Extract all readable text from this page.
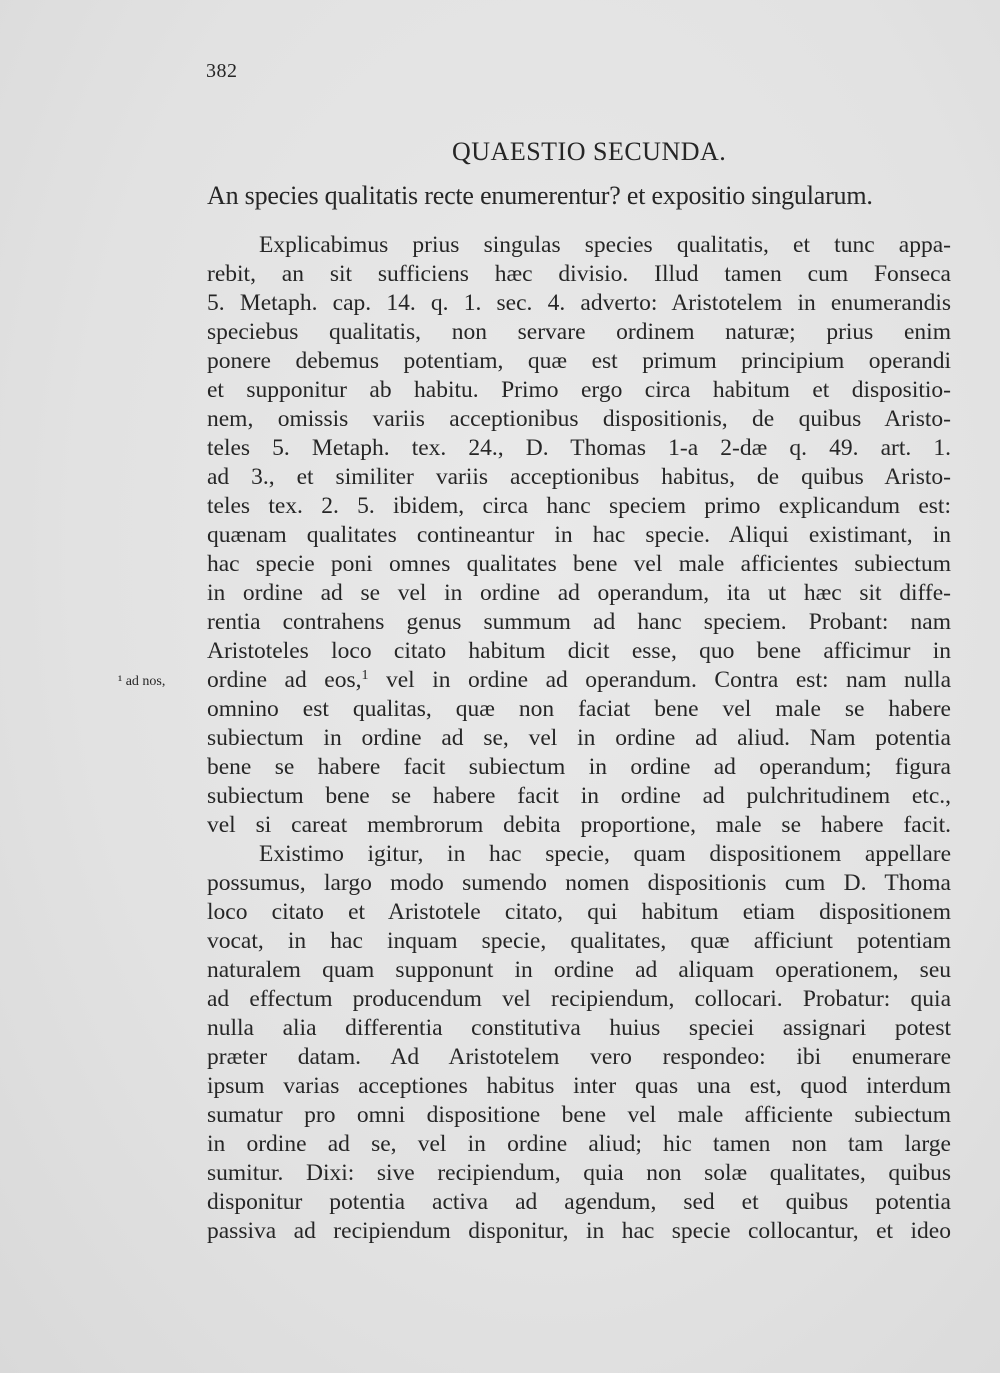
382
QUAESTIO SECUNDA.
An species qualitatis recte enumerentur? et expositio singularum.
¹ ad nos,
Explicabimus prius singulas species qualitatis, et tunc appa-
rebit, an sit sufficiens hæc divisio. Illud tamen cum Fonseca
5. Metaph. cap. 14. q. 1. sec. 4. adverto: Aristotelem in enumerandis
speciebus qualitatis, non servare ordinem naturæ; prius enim
ponere debemus potentiam, quæ est primum principium operandi
et supponitur ab habitu. Primo ergo circa habitum et dispositio-
nem, omissis variis acceptionibus dispositionis, de quibus Aristo-
teles 5. Metaph. tex. 24., D. Thomas 1-a 2-dæ q. 49. art. 1.
ad 3., et similiter variis acceptionibus habitus, de quibus Aristo-
teles tex. 2. 5. ibidem, circa hanc speciem primo explicandum est:
quænam qualitates contineantur in hac specie. Aliqui existimant, in
hac specie poni omnes qualitates bene vel male afficientes subiectum
in ordine ad se vel in ordine ad operandum, ita ut hæc sit diffe-
rentia contrahens genus summum ad hanc speciem. Probant: nam
Aristoteles loco citato habitum dicit esse, quo bene afficimur in
ordine ad eos,$^1$ vel in ordine ad operandum. Contra est: nam nulla
omnino est qualitas, quæ non faciat bene vel male se habere
subiectum in ordine ad se, vel in ordine ad aliud. Nam potentia
bene se habere facit subiectum in ordine ad operandum; figura
subiectum bene se habere facit in ordine ad pulchritudinem etc.,
vel si careat membrorum debita proportione, male se habere facit.
Existimo igitur, in hac specie, quam dispositionem appellare
possumus, largo modo sumendo nomen dispositionis cum D. Thoma
loco citato et Aristotele citato, qui habitum etiam dispositionem
vocat, in hac inquam specie, qualitates, quæ afficiunt potentiam
naturalem quam supponunt in ordine ad aliquam operationem, seu
ad effectum producendum vel recipiendum, collocari. Probatur: quia
nulla alia differentia constitutiva huius speciei assignari potest
præter datam. Ad Aristotelem vero respondeo: ibi enumerare
ipsum varias acceptiones habitus inter quas una est, quod interdum
sumatur pro omni dispositione bene vel male afficiente subiectum
in ordine ad se, vel in ordine aliud; hic tamen non tam large
sumitur. Dixi: sive recipiendum, quia non solæ qualitates, quibus
disponitur potentia activa ad agendum, sed et quibus potentia
passiva ad recipiendum disponitur, in hac specie collocantur, et ideo
